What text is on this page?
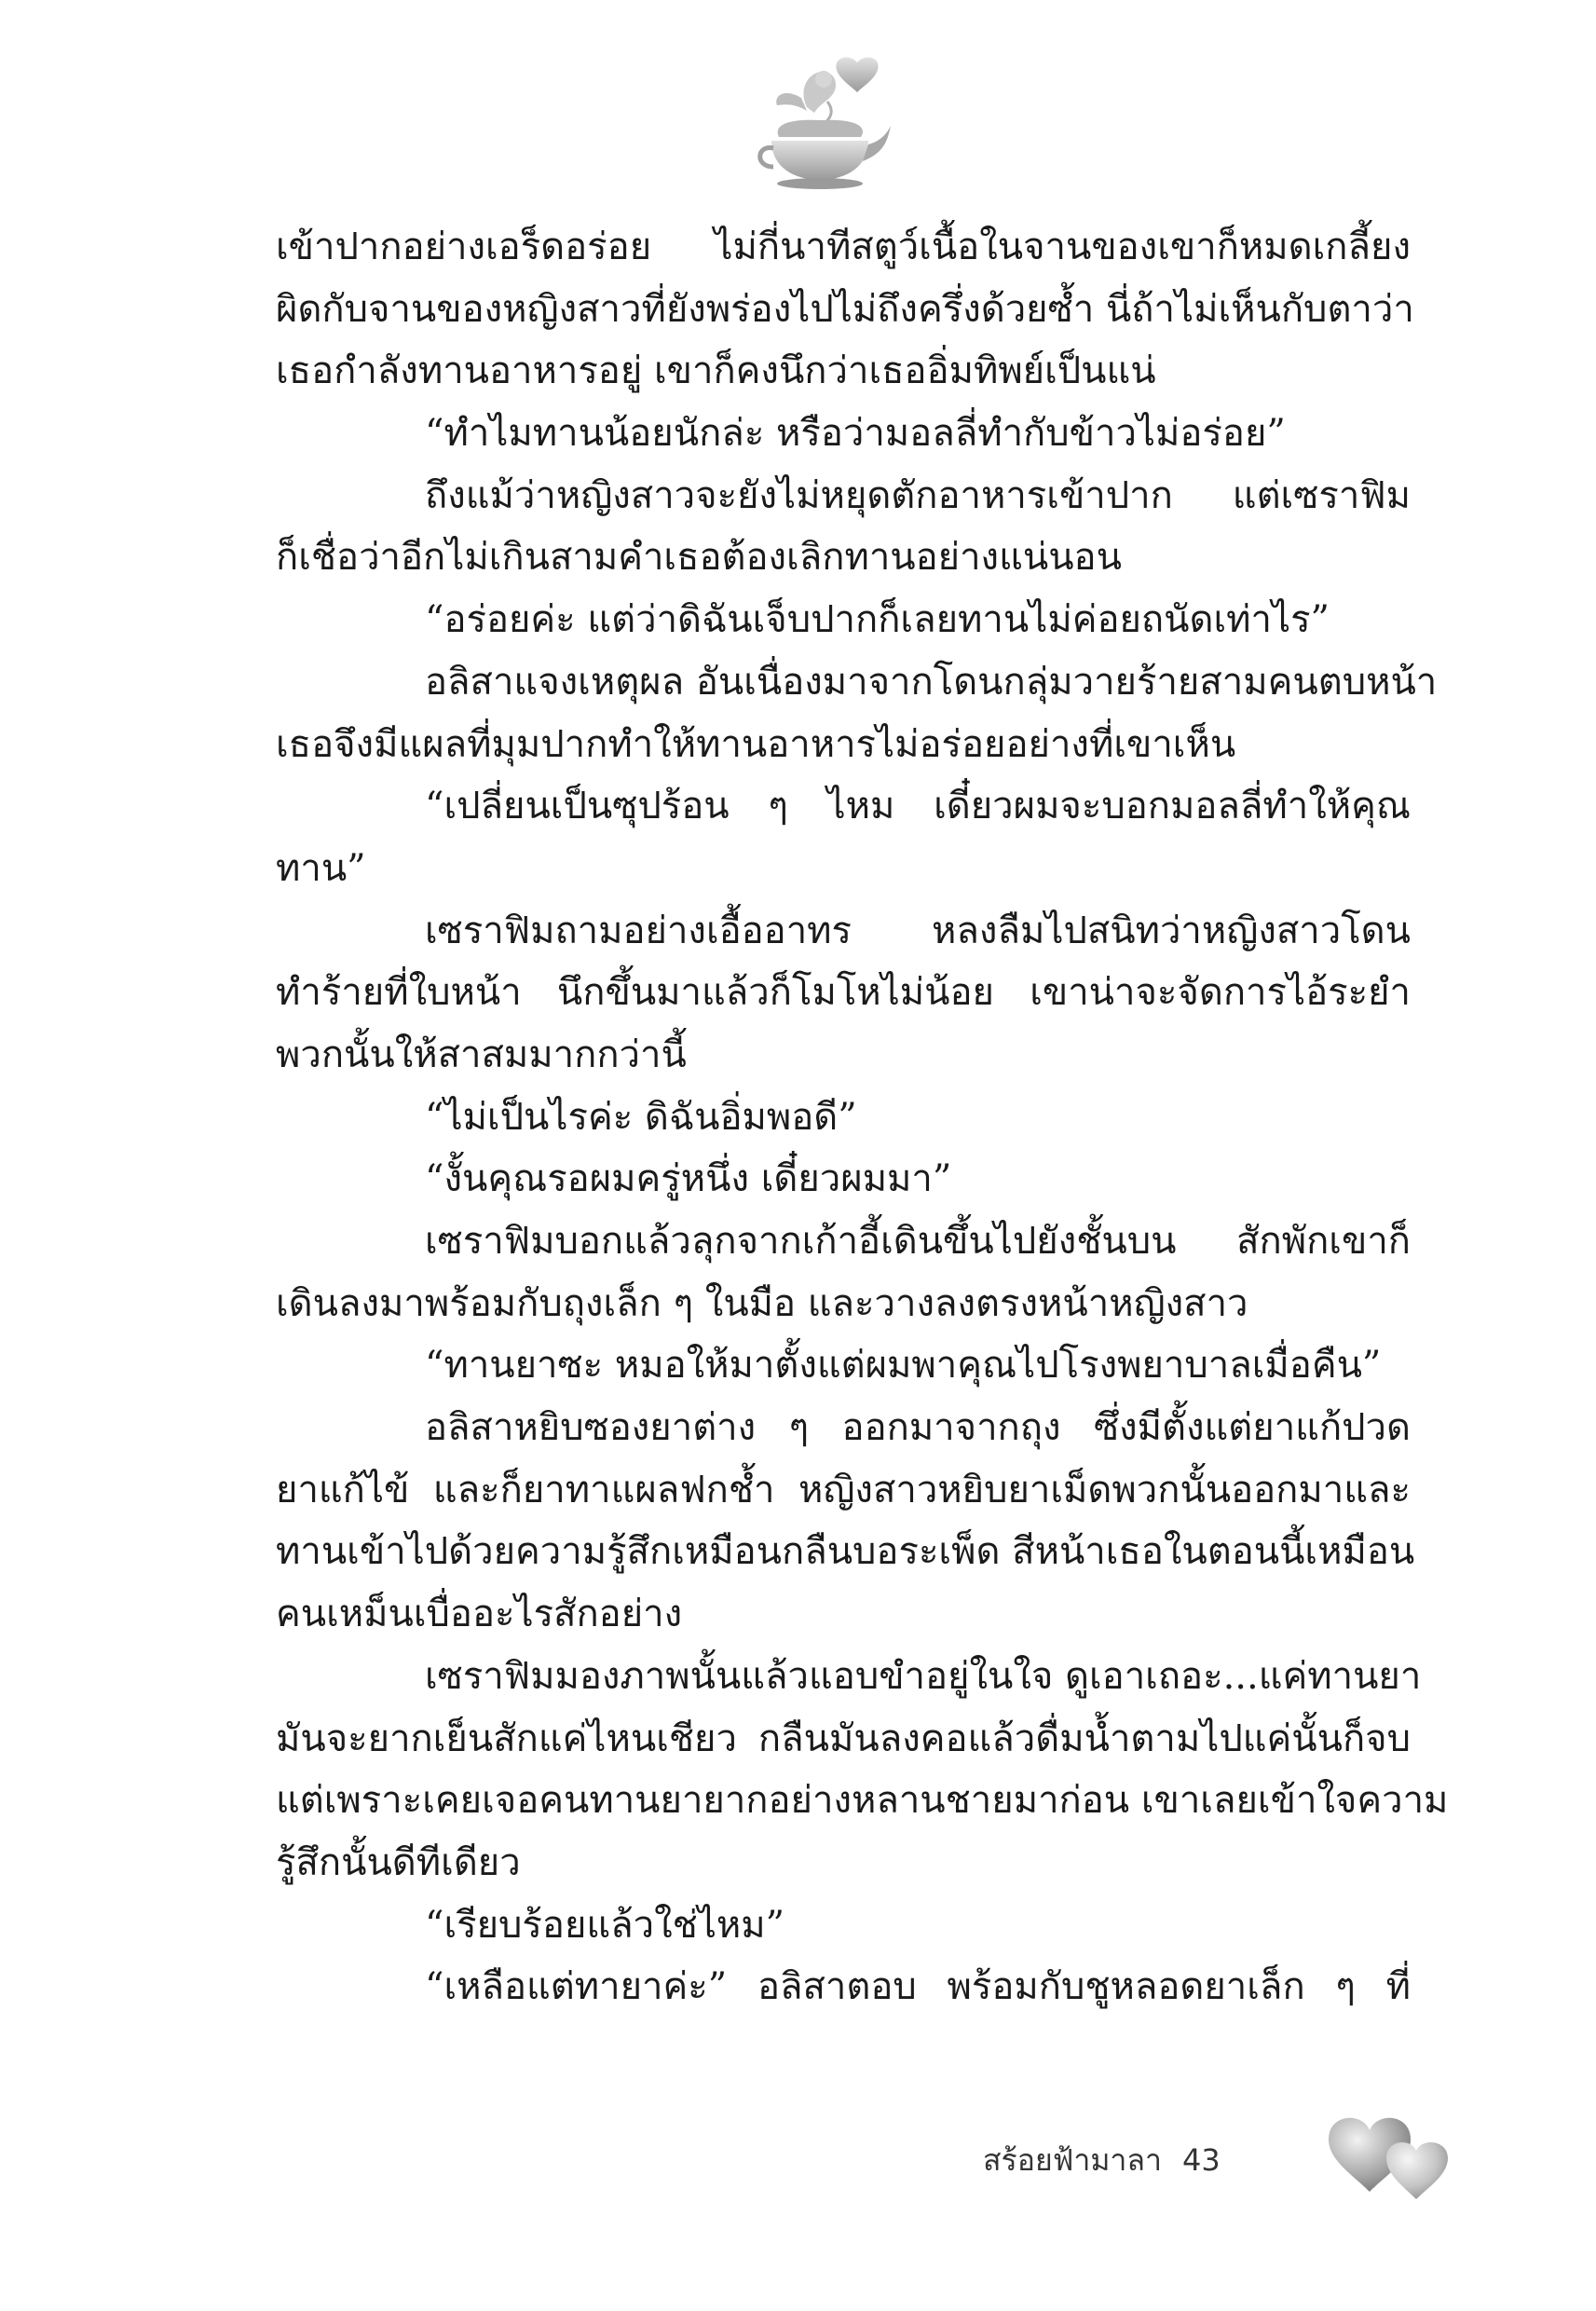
เข้าปากอย่างเอร็ดอร่อย ไม่กี่นาทีสตูว์เนื้อในจานของเขาก็หมดเกลี้ยง
ผิดกับจานของหญิงสาวที่ยังพร่องไปไม่ถึงครึ่งด้วยซ้ำ นี่ถ้าไม่เห็นกับตาว่า
เธอกำลังทานอาหารอยู่ เขาก็คงนึกว่าเธออิ่มทิพย์เป็นแน่
“ทำไมทานน้อยนักล่ะ หรือว่ามอลลี่ทำกับข้าวไม่อร่อย”
ถึงแม้ว่าหญิงสาวจะยังไม่หยุดตักอาหารเข้าปาก แต่เซราฟิม
ก็เชื่อว่าอีกไม่เกินสามคำเธอต้องเลิกทานอย่างแน่นอน
“อร่อยค่ะ แต่ว่าดิฉันเจ็บปากก็เลยทานไม่ค่อยถนัดเท่าไร”
อลิสาแจงเหตุผล อันเนื่องมาจากโดนกลุ่มวายร้ายสามคนตบหน้า
เธอจึงมีแผลที่มุมปากทำให้ทานอาหารไม่อร่อยอย่างที่เขาเห็น
“เปลี่ยนเป็นซุปร้อน ๆ ไหม เดี๋ยวผมจะบอกมอลลี่ทำให้คุณ
ทาน”
เซราฟิมถามอย่างเอื้ออาทร หลงลืมไปสนิทว่าหญิงสาวโดน
ทำร้ายที่ใบหน้า นึกขึ้นมาแล้วก็โมโหไม่น้อย เขาน่าจะจัดการไอ้ระยำ
พวกนั้นให้สาสมมากกว่านี้
“ไม่เป็นไรค่ะ ดิฉันอิ่มพอดี”
“งั้นคุณรอผมครู่หนึ่ง เดี๋ยวผมมา”
เซราฟิมบอกแล้วลุกจากเก้าอี้เดินขึ้นไปยังชั้นบน สักพักเขาก็
เดินลงมาพร้อมกับถุงเล็ก ๆ ในมือ และวางลงตรงหน้าหญิงสาว
“ทานยาซะ หมอให้มาตั้งแต่ผมพาคุณไปโรงพยาบาลเมื่อคืน”
อลิสาหยิบซองยาต่าง ๆ ออกมาจากถุง ซึ่งมีตั้งแต่ยาแก้ปวด
ยาแก้ไข้ และก็ยาทาแผลฟกช้ำ หญิงสาวหยิบยาเม็ดพวกนั้นออกมาและ
ทานเข้าไปด้วยความรู้สึกเหมือนกลืนบอระเพ็ด สีหน้าเธอในตอนนี้เหมือน
คนเหม็นเบื่ออะไรสักอย่าง
เซราฟิมมองภาพนั้นแล้วแอบขำอยู่ในใจ ดูเอาเถอะ...แค่ทานยา
มันจะยากเย็นสักแค่ไหนเชียว กลืนมันลงคอแล้วดื่มน้ำตามไปแค่นั้นก็จบ
แต่เพราะเคยเจอคนทานยายากอย่างหลานชายมาก่อน เขาเลยเข้าใจความ
รู้สึกนั้นดีทีเดียว
“เรียบร้อยแล้วใช่ไหม”
“เหลือแต่ทายาค่ะ” อลิสาตอบ พร้อมกับชูหลอดยาเล็ก ๆ ที่
สร้อยฟ้ามาลา 43
